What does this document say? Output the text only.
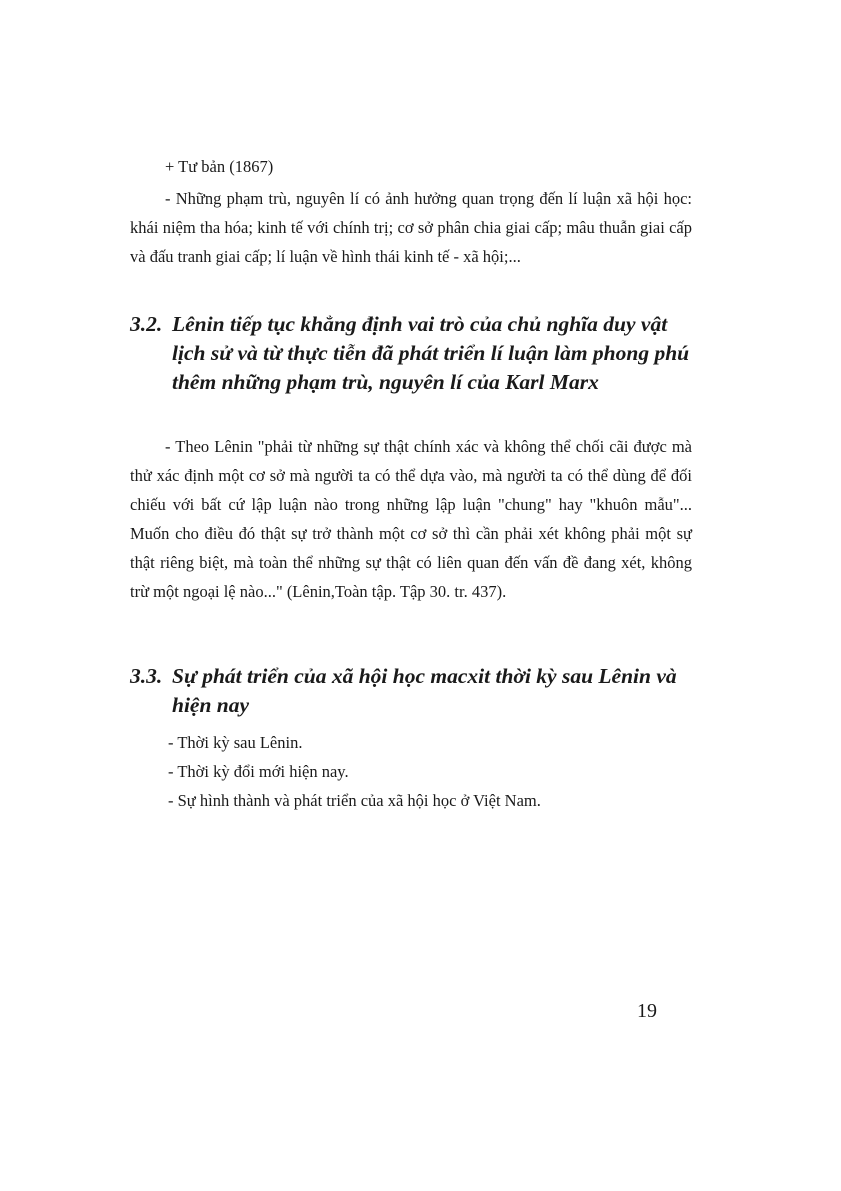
+ Tư bản (1867)

- Những phạm trù, nguyên lí có ảnh hưởng quan trọng đến lí luận xã hội học: khái niệm tha hóa; kinh tế với chính trị; cơ sở phân chia giai cấp; mâu thuẫn giai cấp và đấu tranh giai cấp; lí luận về hình thái kinh tế - xã hội;...

3.2. Lênin tiếp tục khẳng định vai trò của chủ nghĩa duy vật lịch sử và từ thực tiễn đã phát triển lí luận làm phong phú thêm những phạm trù, nguyên lí của Karl Marx

- Theo Lênin "phải từ những sự thật chính xác và không thể chối cãi được mà thử xác định một cơ sở mà người ta có thể dựa vào, mà người ta có thể dùng để đối chiếu với bất cứ lập luận nào trong những lập luận "chung" hay "khuôn mẫu"... Muốn cho điều đó thật sự trở thành một cơ sở thì cần phải xét không phải một sự thật riêng biệt, mà toàn thể những sự thật có liên quan đến vấn đề đang xét, không trừ một ngoại lệ nào..." (Lênin,Toàn tập. Tập 30. tr. 437).

3.3. Sự phát triển của xã hội học macxit thời kỳ sau Lênin và hiện nay

- Thời kỳ sau Lênin.

- Thời kỳ đổi mới hiện nay.

- Sự hình thành và phát triển của xã hội học ở Việt Nam.

19
